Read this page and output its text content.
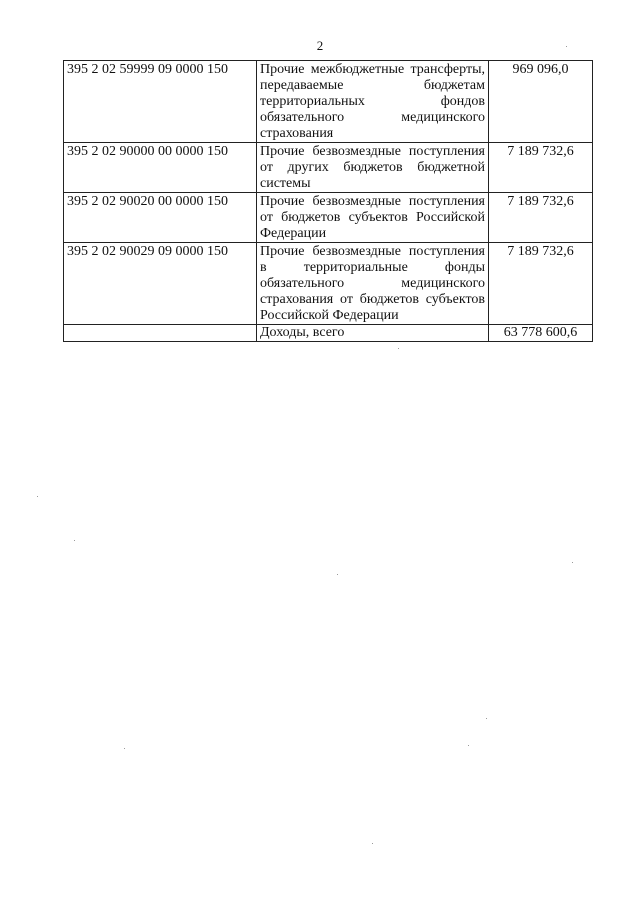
2
395 2 02 59999 09 0000 150	Прочие межбюджетные трансферты, передаваемые бюджетам территориальных фондов обязательного медицинского страхования	969 096,0
395 2 02 90000 00 0000 150	Прочие безвозмездные поступления от других бюджетов бюджетной системы	7 189 732,6
395 2 02 90020 00 0000 150	Прочие безвозмездные поступления от бюджетов субъектов Российской Федерации	7 189 732,6
395 2 02 90029 09 0000 150	Прочие безвозмездные поступления в территориальные фонды обязательного медицинского страхования от бюджетов субъектов Российской Федерации	7 189 732,6
	Доходы, всего	63 778 600,6
